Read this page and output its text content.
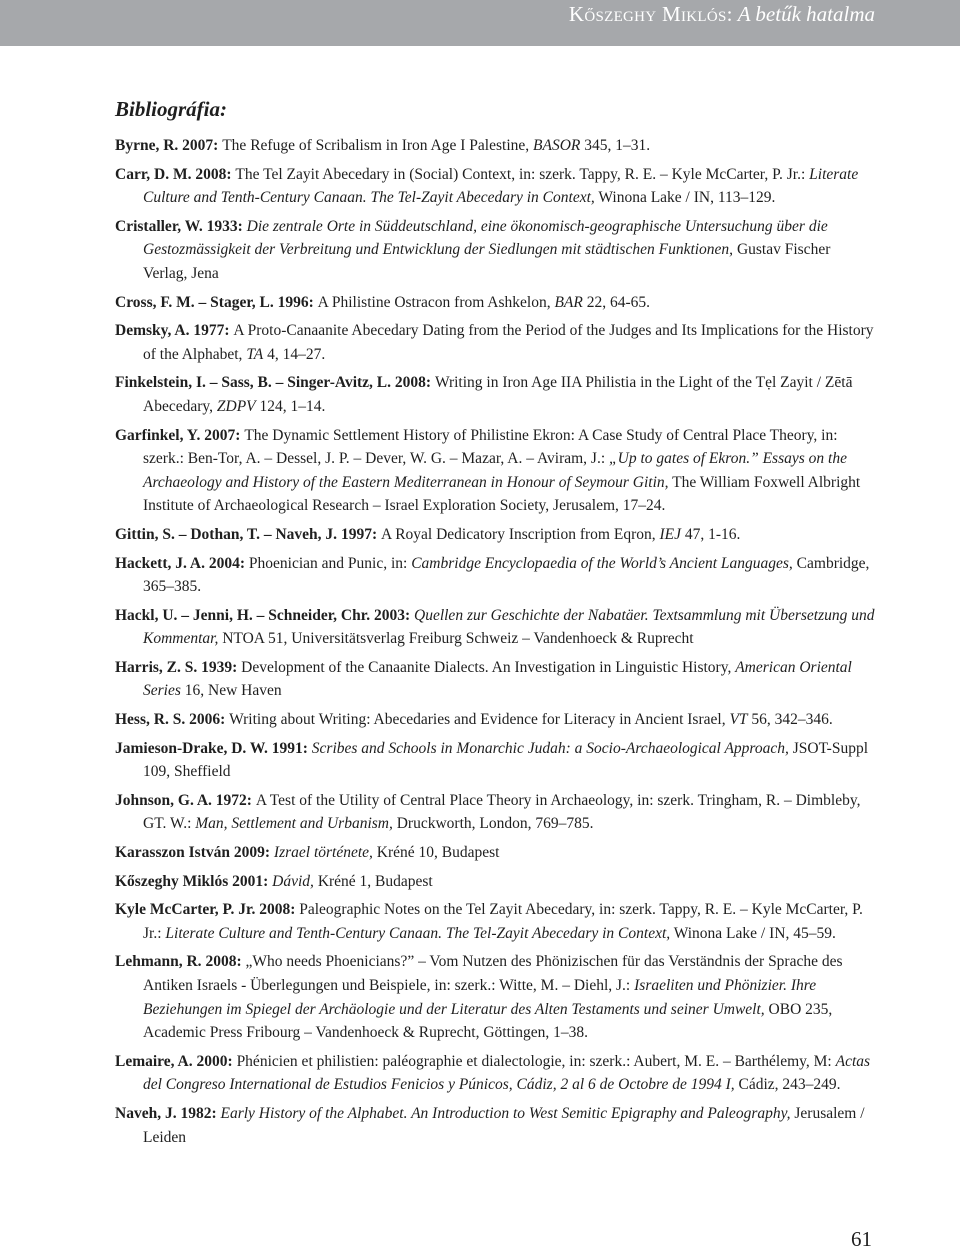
Kőszeghy Miklós: A betűk hatalma
Bibliográfia:
Byrne, R. 2007: The Refuge of Scribalism in Iron Age I Palestine, BASOR 345, 1–31.
Carr, D. M. 2008: The Tel Zayit Abecedary in (Social) Context, in: szerk. Tappy, R. E. – Kyle McCarter, P. Jr.: Literate Culture and Tenth-Century Canaan. The Tel-Zayit Abecedary in Context, Winona Lake / IN, 113–129.
Cristaller, W. 1933: Die zentrale Orte in Süddeutschland, eine ökonomisch-geographische Untersuchung über die Gestozmässigkeit der Verbreitung und Entwicklung der Siedlungen mit städtischen Funktionen, Gustav Fischer Verlag, Jena
Cross, F. M. – Stager, L. 1996: A Philistine Ostracon from Ashkelon, BAR 22, 64-65.
Demsky, A. 1977: A Proto-Canaanite Abecedary Dating from the Period of the Judges and Its Implications for the History of the Alphabet, TA 4, 14–27.
Finkelstein, I. – Sass, B. – Singer-Avitz, L. 2008: Writing in Iron Age IIA Philistia in the Light of the Tẹl Zayit / Zētā Abecedary, ZDPV 124, 1–14.
Garfinkel, Y. 2007: The Dynamic Settlement History of Philistine Ekron: A Case Study of Central Place Theory, in: szerk.: Ben-Tor, A. – Dessel, J. P. – Dever, W. G. – Mazar, A. – Aviram, J.: „Up to gates of Ekron.” Essays on the Archaeology and History of the Eastern Mediterranean in Honour of Seymour Gitin, The William Foxwell Albright Institute of Archaeological Research – Israel Exploration Society, Jerusalem, 17–24.
Gittin, S. – Dothan, T. – Naveh, J. 1997: A Royal Dedicatory Inscription from Eqron, IEJ 47, 1-16.
Hackett, J. A. 2004: Phoenician and Punic, in: Cambridge Encyclopaedia of the World’s Ancient Languages, Cambridge, 365–385.
Hackl, U. – Jenni, H. – Schneider, Chr. 2003: Quellen zur Geschichte der Nabatäer. Textsammlung mit Übersetzung und Kommentar, NTOA 51, Universitätsverlag Freiburg Schweiz – Vandenhoeck & Ruprecht
Harris, Z. S. 1939: Development of the Canaanite Dialects. An Investigation in Linguistic History, American Oriental Series 16, New Haven
Hess, R. S. 2006: Writing about Writing: Abecedaries and Evidence for Literacy in Ancient Israel, VT 56, 342–346.
Jamieson-Drake, D. W. 1991: Scribes and Schools in Monarchic Judah: a Socio-Archaeological Approach, JSOT-Suppl 109, Sheffield
Johnson, G. A. 1972: A Test of the Utility of Central Place Theory in Archaeology, in: szerk. Tringham, R. – Dimbleby, GT. W.: Man, Settlement and Urbanism, Druckworth, London, 769–785.
Karasszon István 2009: Izrael története, Kréné 10, Budapest
Kőszeghy Miklós 2001: Dávid, Kréné 1, Budapest
Kyle McCarter, P. Jr. 2008: Paleographic Notes on the Tel Zayit Abecedary, in: szerk. Tappy, R. E. – Kyle McCarter, P. Jr.: Literate Culture and Tenth-Century Canaan. The Tel-Zayit Abecedary in Context, Winona Lake / IN, 45–59.
Lehmann, R. 2008: „Who needs Phoenicians?” – Vom Nutzen des Phönizischen für das Verständnis der Sprache des Antiken Israels - Überlegungen und Beispiele, in: szerk.: Witte, M. – Diehl, J.: Israeliten und Phönizier. Ihre Beziehungen im Spiegel der Archäologie und der Literatur des Alten Testaments und seiner Umwelt, OBO 235, Academic Press Fribourg – Vandenhoeck & Ruprecht, Göttingen, 1–38.
Lemaire, A. 2000: Phénicien et philistien: paléographie et dialectologie, in: szerk.: Aubert, M. E. – Barthélemy, M: Actas del Congreso International de Estudios Fenicios y Púnicos, Cádiz, 2 al 6 de Octobre de 1994 I, Cádiz, 243–249.
Naveh, J. 1982: Early History of the Alphabet. An Introduction to West Semitic Epigraphy and Paleography, Jerusalem / Leiden
61
